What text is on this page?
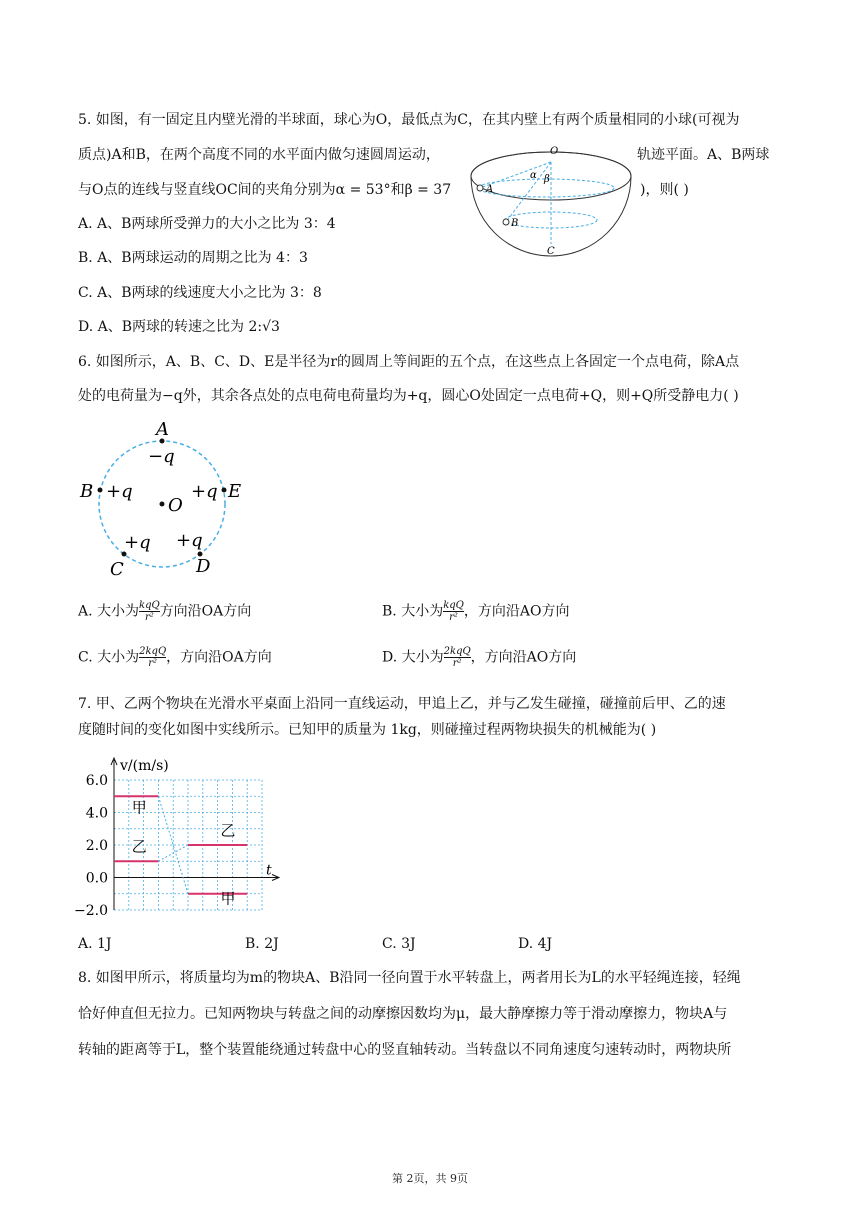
5. 如图，有一固定且内壁光滑的半球面，球心为O，最低点为C，在其内壁上有两个质量相同的小球(可视为
质点)A和B，在两个高度不同的水平面内做匀速圆周运动，	轨迹平面。A、B两球
与O点的连线与竖直线OC间的夹角分别为α = 53°和β = 37	)，则( )
O
α β
A
B
C
A. A、B两球所受弹力的大小之比为 3：4
B. A、B两球运动的周期之比为 4：3
C. A、B两球的线速度大小之比为 3：8
D. A、B两球的转速之比为 2:√3
6. 如图所示，A、B、C、D、E是半径为r的圆周上等间距的五个点，在这些点上各固定一个点电荷，除A点
处的电荷量为−q外，其余各点处的点电荷电荷量均为+q，圆心O处固定一点电荷+Q，则+Q所受静电力( )
A
−q
B +q	+q E
O
+q +q
C	D
A. 大小为 kqQ
r² 方向沿OA方向	B. 大小为 kqQ
r² ，方向沿AO方向
C. 大小为 2kqQ
r² ，方向沿OA方向	D. 大小为 2kqQ
r² ，方向沿AO方向
7. 甲、乙两个物块在光滑水平桌面上沿同一直线运动，甲追上乙，并与乙发生碰撞，碰撞前后甲、乙的速
度随时间的变化如图中实线所示。已知甲的质量为 1kg，则碰撞过程两物块损失的机械能为( )
6.0
4.0
2.0
0.0
−2.0
v/(m/s)
t
甲
乙
乙
甲
A. 1J	B. 2J	C. 3J	D. 4J
8. 如图甲所示，将质量均为m的物块A、B沿同一径向置于水平转盘上，两者用长为L的水平轻绳连接，轻绳
恰好伸直但无拉力。已知两物块与转盘之间的动摩擦因数均为μ，最大静摩擦力等于滑动摩擦力，物块A与
转轴的距离等于L，整个装置能绕通过转盘中心的竖直轴转动。当转盘以不同角速度匀速转动时，两物块所
第 2页，共 9页
